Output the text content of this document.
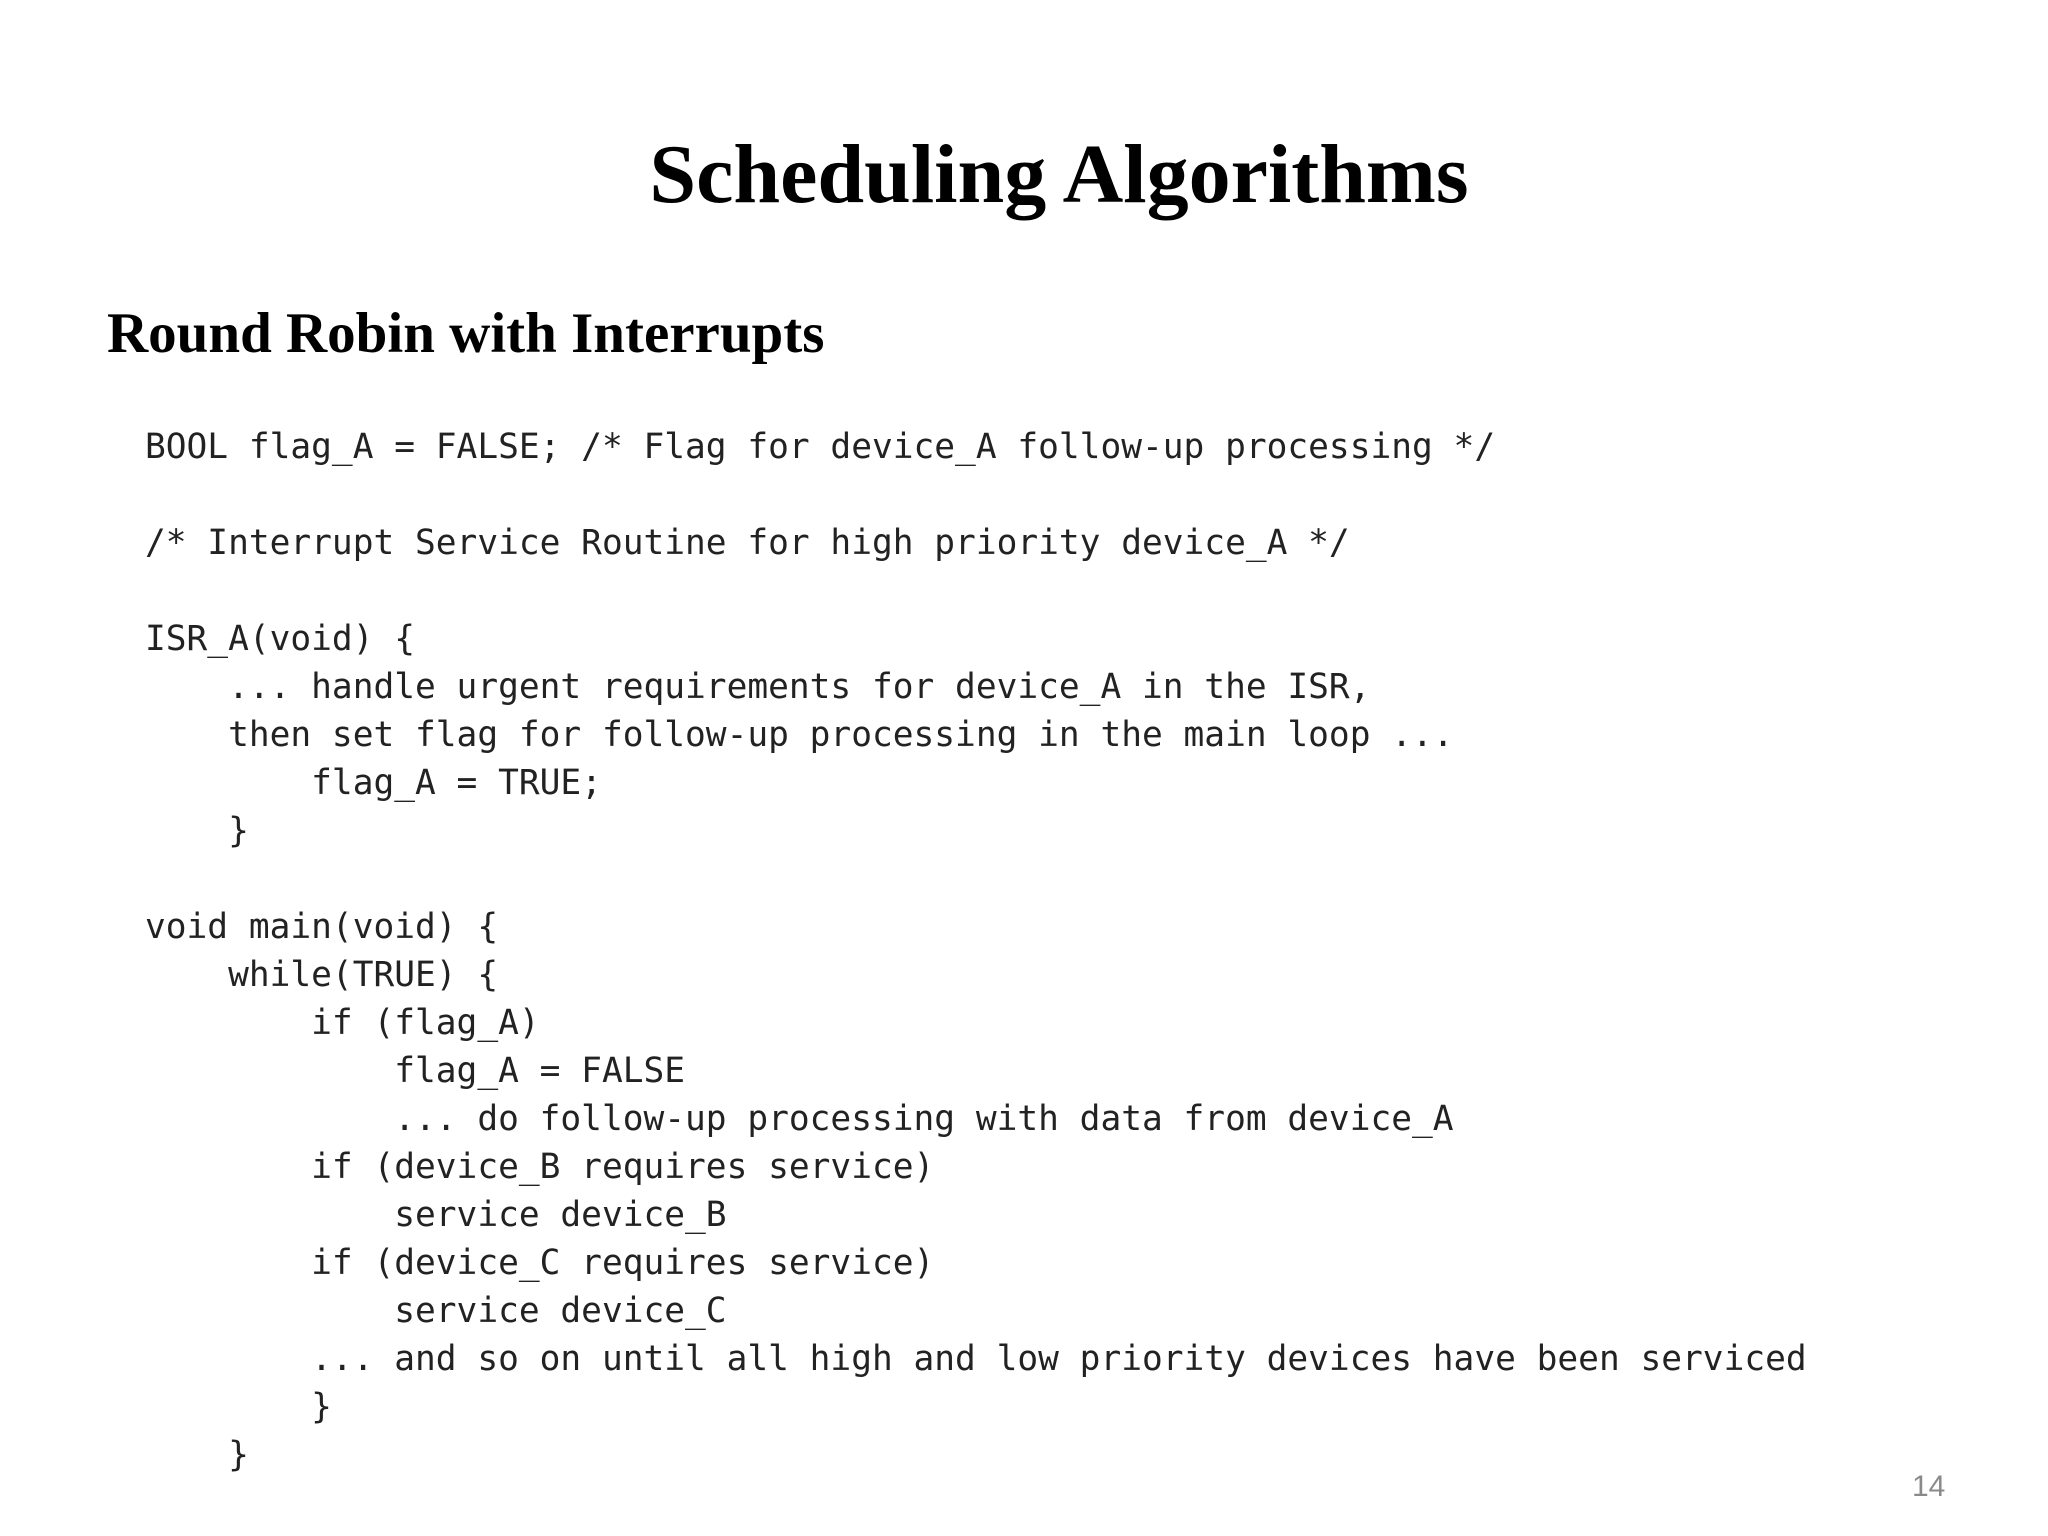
Scheduling Algorithms
Round Robin with Interrupts
BOOL flag_A = FALSE; /* Flag for device_A follow-up processing */
/* Interrupt Service Routine for high priority device_A */
ISR_A(void) {
... handle urgent requirements for device_A in the ISR,
then set flag for follow-up processing in the main loop ...
flag_A = TRUE;
}
void main(void) {
while(TRUE) {
if (flag_A)
flag_A = FALSE
... do follow-up processing with data from device_A
if (device_B requires service)
service device_B
if (device_C requires service)
service device_C
... and so on until all high and low priority devices have been serviced
}
}
14
